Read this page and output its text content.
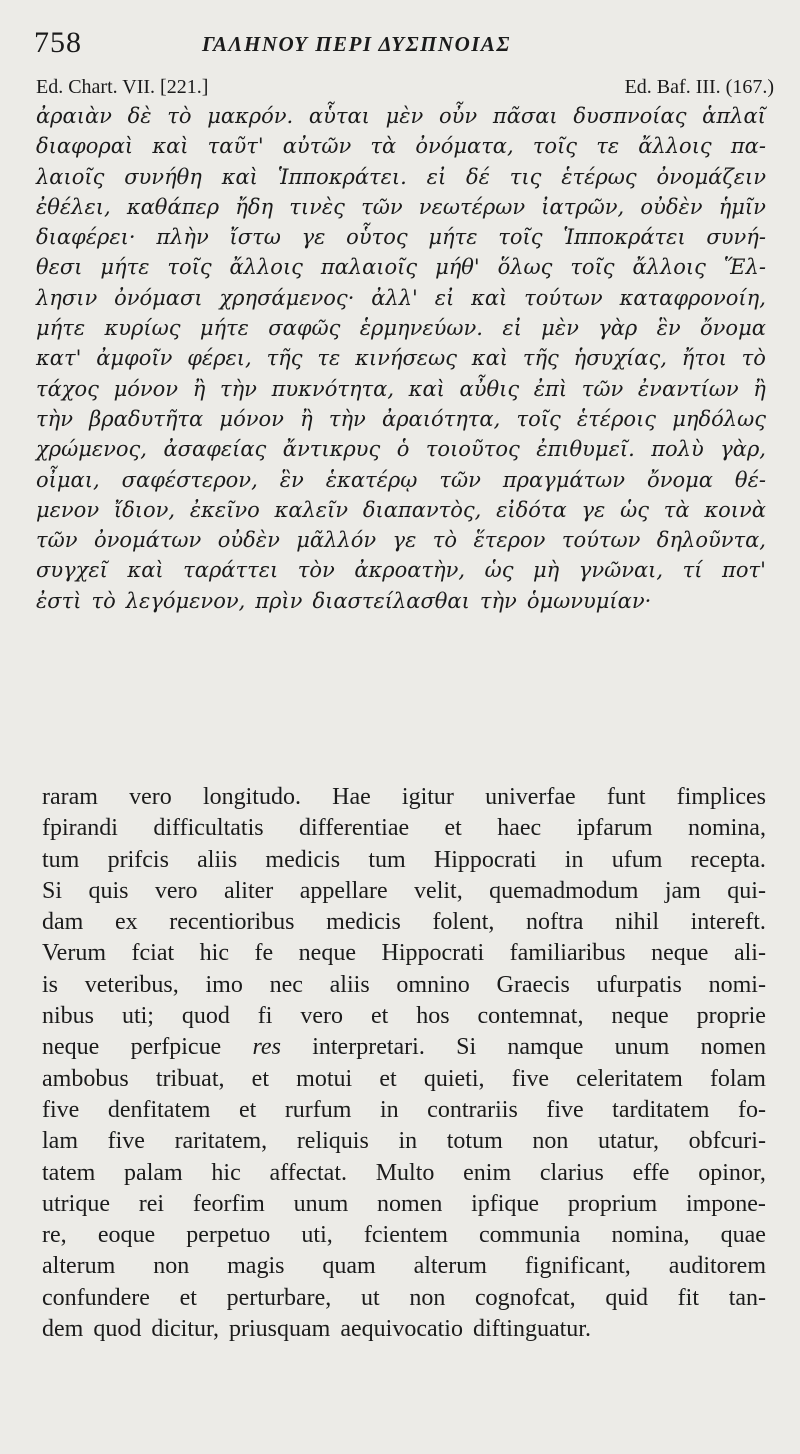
758	ΓΑΛΗΝΟΥ ΠΕΡΙ ΔΥΣΠΝΟΙΑΣ
Ed. Chart. VII. [221.]	Ed. Baf. III. (167.)
ἀραιὰν δὲ τὸ μακρόν. αὗται μὲν οὖν πᾶσαι δυσπνοίας ἁπλαῖ
διαφοραὶ καὶ ταῦτ' αὐτῶν τὰ ὀνόματα, τοῖς τε ἄλλοις πα-
λαιοῖς συνήθη καὶ Ἱπποκράτει. εἰ δέ τις ἑτέρως ὀνομάζειν
ἐθέλει, καθάπερ ἤδη τινὲς τῶν νεωτέρων ἰατρῶν, οὐδὲν ἡμῖν
διαφέρει· πλὴν ἴστω γε οὗτος μήτε τοῖς Ἱπποκράτει συνή-
θεσι μήτε τοῖς ἄλλοις παλαιοῖς μήθ' ὅλως τοῖς ἄλλοις Ἕλ-
λησιν ὀνόμασι χρησάμενος· ἀλλ' εἰ καὶ τούτων καταφρονοίη,
μήτε κυρίως μήτε σαφῶς ἑρμηνεύων. εἰ μὲν γὰρ ἓν ὄνομα
κατ' ἀμφοῖν φέρει, τῆς τε κινήσεως καὶ τῆς ἡσυχίας, ἤτοι τὸ
τάχος μόνον ἢ τὴν πυκνότητα, καὶ αὖθις ἐπὶ τῶν ἐναντίων ἢ
τὴν βραδυτῆτα μόνον ἢ τὴν ἀραιότητα, τοῖς ἑτέροις μηδόλως
χρώμενος, ἀσαφείας ἄντικρυς ὁ τοιοῦτος ἐπιθυμεῖ. πολὺ γὰρ,
οἶμαι, σαφέστερον, ἓν ἑκατέρῳ τῶν πραγμάτων ὄνομα θέ-
μενον ἴδιον, ἐκεῖνο καλεῖν διαπαντὸς, εἰδότα γε ὡς τὰ κοινὰ
τῶν ὀνομάτων οὐδὲν μᾶλλόν γε τὸ ἕτερον τούτων δηλοῦντα,
συγχεῖ καὶ ταράττει τὸν ἀκροατὴν, ὡς μὴ γνῶναι, τί ποτ'
ἐστὶ τὸ λεγόμενον, πρὶν διαστείλασθαι τὴν ὁμωνυμίαν·
raram vero longitudo. Hae igitur univerfae funt fimplices
fpirandi difficultatis differentiae et haec ipfarum nomina,
tum prifcis aliis medicis tum Hippocrati in ufum recepta.
Si quis vero aliter appellare velit, quemadmodum jam qui-
dam ex recentioribus medicis folent, noftra nihil intereft.
Verum fciat hic fe neque Hippocrati familiaribus neque ali-
is veteribus, imo nec aliis omnino Graecis ufurpatis nomi-
nibus uti; quod fi vero et hos contemnat, neque proprie
neque perfpicue res interpretari. Si namque unum nomen
ambobus tribuat, et motui et quieti, five celeritatem folam
five denfitatem et rurfum in contrariis five tarditatem fo-
lam five raritatem, reliquis in totum non utatur, obfcuri-
tatem palam hic affectat. Multo enim clarius effe opinor,
utrique rei feorfim unum nomen ipfique proprium impone-
re, eoque perpetuo uti, fcientem communia nomina, quae
alterum non magis quam alterum fignificant, auditorem
confundere et perturbare, ut non cognofcat, quid fit tan-
dem quod dicitur, priusquam aequivocatio diftinguatur.
